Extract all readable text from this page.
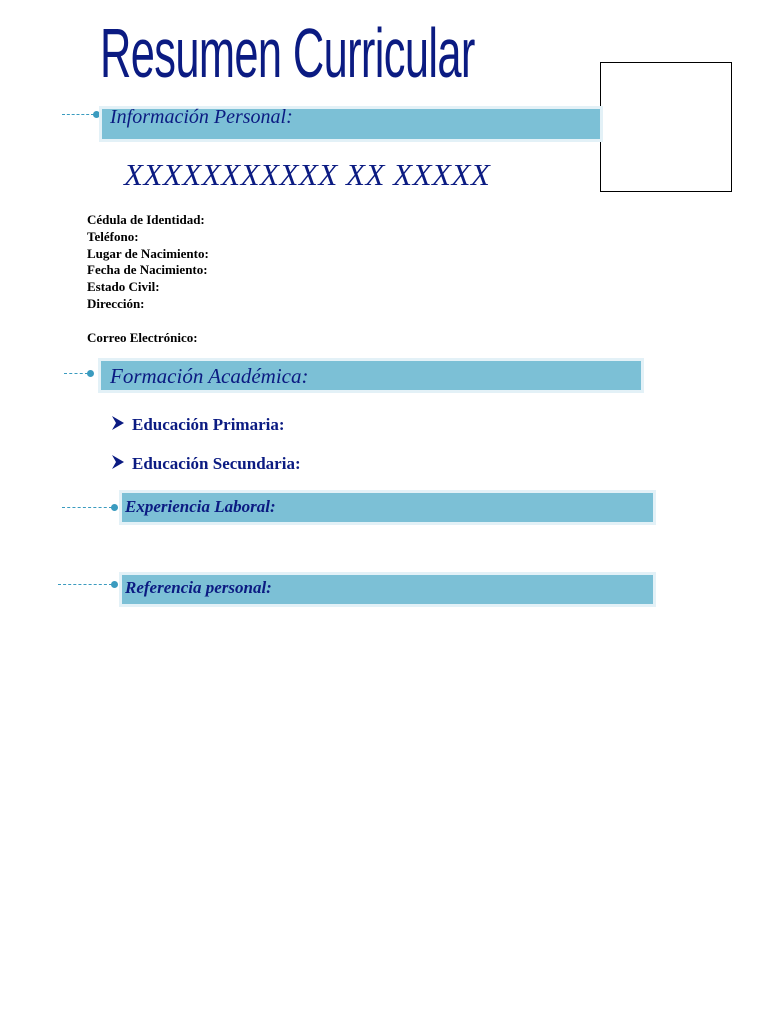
Resumen Curricular
Información Personal:
XXXXXXXXXXX XX XXXXX
Cédula de Identidad:
Teléfono:
Lugar de Nacimiento:
Fecha de Nacimiento:
Estado Civil:
Dirección:
Correo Electrónico:
Formación Académica:
Educación Primaria:
Educación Secundaria:
Experiencia Laboral:
Referencia personal:
